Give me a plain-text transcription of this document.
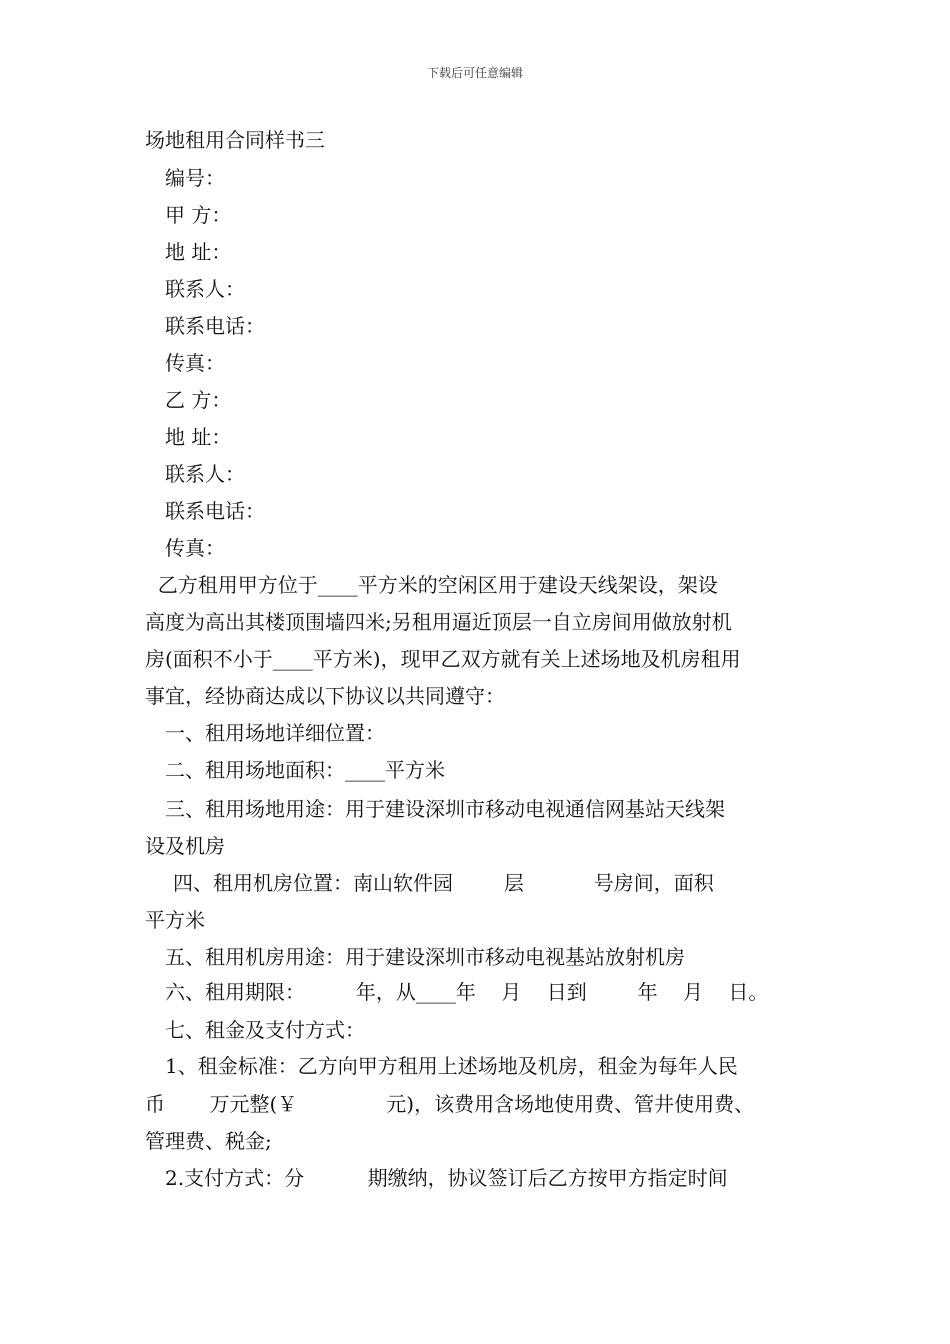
下载后可任意编辑
场地租用合同样书三
编号：
甲 方：
地 址：
联系人：
联系电话：
传真：
乙 方：
地 址：
联系人：
联系电话：
传真：
乙方租用甲方位于____平方米的空闲区用于建设天线架设，架设
高度为高出其楼顶围墙四米;另租用逼近顶层一自立房间用做放射机
房(面积不小于____平方米)，现甲乙双方就有关上述场地及机房租用
事宜，经协商达成以下协议以共同遵守：
一、租用场地详细位置：
二、租用场地面积：____平方米
三、租用场地用途：用于建设深圳市移动电视通信网基站天线架
设及机房
四、租用机房位置：南山软件园        层           号房间，面积
平方米
五、租用机房用途：用于建设深圳市移动电视基站放射机房
六、租用期限：        年，从____年    月    日到        年    月    日。
七、租金及支付方式：
1、租金标准：乙方向甲方租用上述场地及机房，租金为每年人民
币       万元整(￥              元)，该费用含场地使用费、管井使用费、
管理费、税金;
2.支付方式：分          期缴纳，协议签订后乙方按甲方指定时间
